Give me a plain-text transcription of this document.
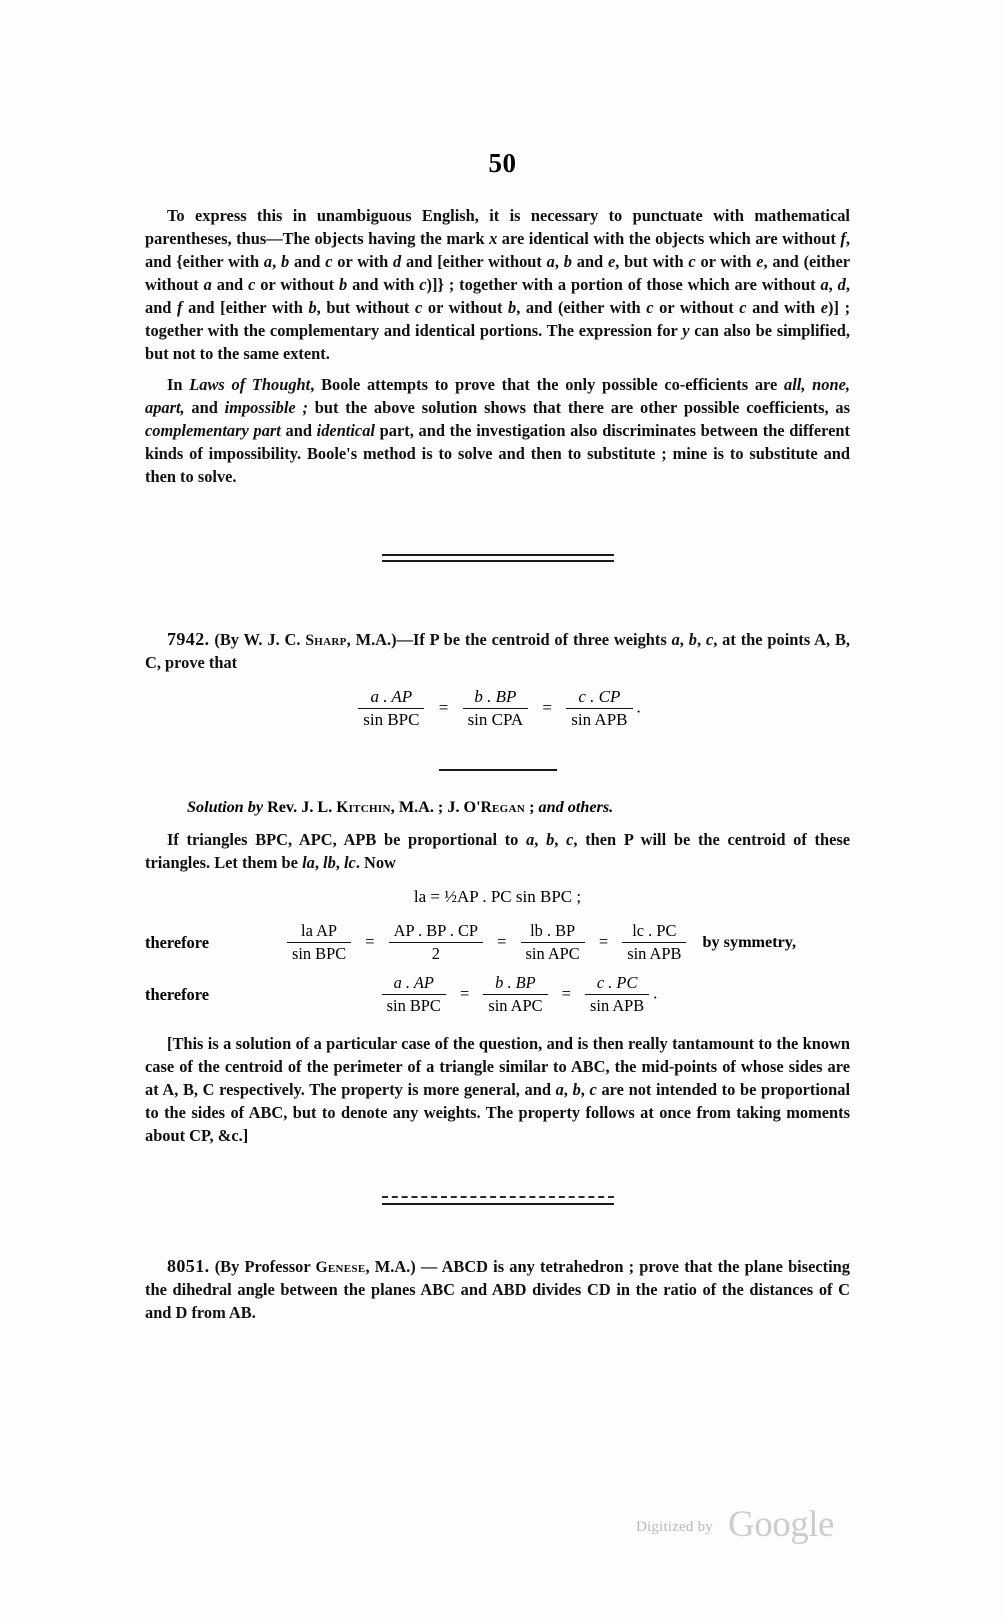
50

To express this in unambiguous English, it is necessary to punctuate with mathematical parentheses, thus—The objects having the mark x are identical with the objects which are without f, and {either with a, b and c or with d and [either without a, b and e, but with c or with e, and (either without a and c or without b and with c)]} ; together with a portion of those which are without a, d, and f and [either with b, but without c or without b, and (either with c or without c and with e)] ; together with the complementary and identical portions. The expression for y can also be simplified, but not to the same extent.

In Laws of Thought, Boole attempts to prove that the only possible co-efficients are all, none, apart, and impossible ; but the above solution shows that there are other possible coefficients, as complementary part and identical part, and the investigation also discriminates between the different kinds of impossibility. Boole's method is to solve and then to substitute ; mine is to substitute and then to solve.

7942. (By W. J. C. Sharp, M.A.)—If P be the centroid of three weights a, b, c, at the points A, B, C, prove that

$\frac{a . AP}{\text{sin BPC}} = \frac{b . BP}{\text{sin CPA}} = \frac{c . CP}{\text{sin APB}}$ .
Solution by Rev. J. L. Kitchin, M.A. ; J. O'Regan ; and others.

If triangles BPC, APC, APB be proportional to a, b, c, then P will be the centroid of these triangles. Let them be la, lb, lc. Now

la = ½AP . PC sin BPC ;
therefore	$\frac{\text{la AP}}{\text{sin BPC}} = \frac{AP . BP . CP}{2} = \frac{lb . BP}{\text{sin APC}} = \frac{lc . PC}{\text{sin APB}}$ by symmetry,
therefore	$\frac{a . AP}{\text{sin BPC}} = \frac{b . BP}{\text{sin APC}} = \frac{c . PC}{\text{sin APB}}$ .

[This is a solution of a particular case of the question, and is then really tantamount to the known case of the centroid of the perimeter of a triangle similar to ABC, the mid-points of whose sides are at A, B, C respectively. The property is more general, and a, b, c are not intended to be proportional to the sides of ABC, but to denote any weights. The property follows at once from taking moments about CP, &c.]

8051. (By Professor Genese, M.A.) — ABCD is any tetrahedron ; prove that the plane bisecting the dihedral angle between the planes ABC and ABD divides CD in the ratio of the distances of C and D from AB.

Digitized by Google
